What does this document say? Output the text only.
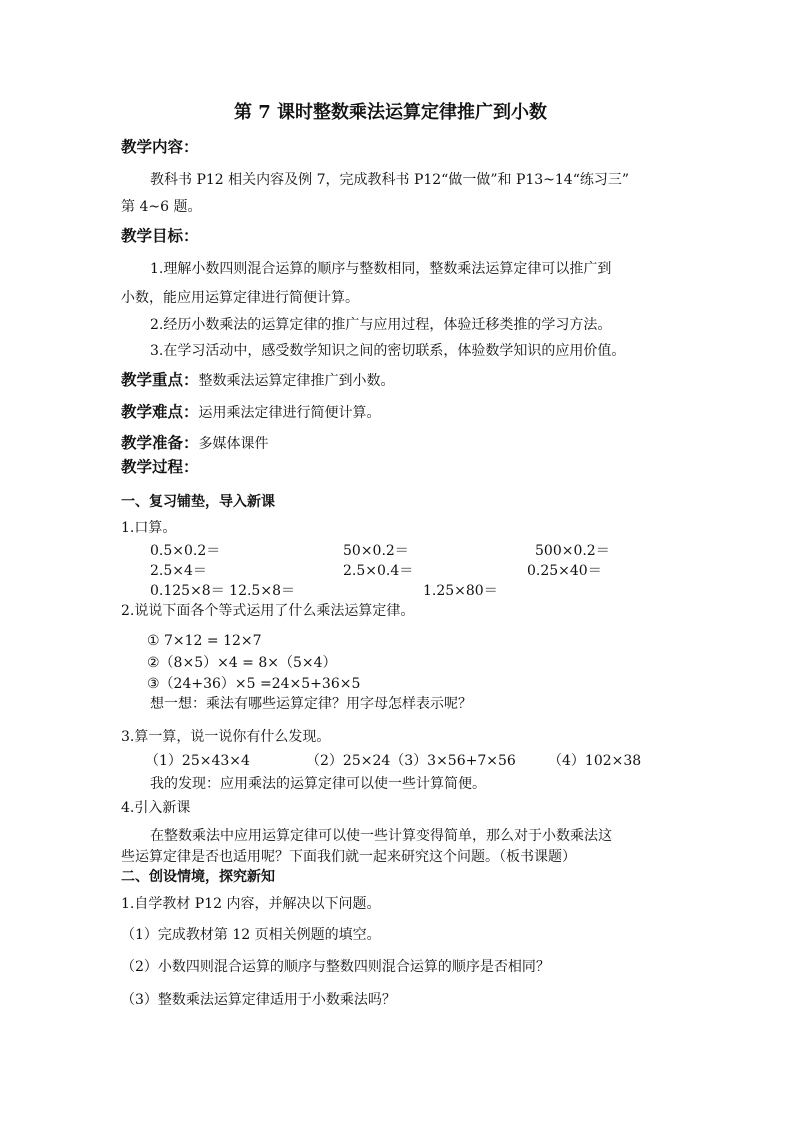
第 7 课时整数乘法运算定律推广到小数
教学内容：
教科书 P12 相关内容及例 7，完成教科书 P12“做一做”和 P13~14“练习三”
第 4~6 题。
教学目标：
1.理解小数四则混合运算的顺序与整数相同，整数乘法运算定律可以推广到
小数，能应用运算定律进行简便计算。
2.经历小数乘法的运算定律的推广与应用过程，体验迁移类推的学习方法。
3.在学习活动中，感受数学知识之间的密切联系，体验数学知识的应用价值。
教学重点：整数乘法运算定律推广到小数。
教学难点：运用乘法定律进行简便计算。
教学准备：多媒体课件
教学过程：
一、复习铺垫，导入新课
1.口算。
0.5×0.2＝	50×0.2＝	500×0.2＝
2.5×4＝	2.5×0.4＝	0.25×40＝
0.125×8＝ 12.5×8＝	1.25×80＝
2.说说下面各个等式运用了什么乘法运算定律。
① 7×12 = 12×7
②（8×5）×4 = 8×（5×4）
③（24+36）×5 =24×5+36×5
想一想：乘法有哪些运算定律？用字母怎样表示呢？
3.算一算，说一说你有什么发现。
（1）25×43×4	（2）25×24（3）3×56+7×56 （4）102×38
我的发现：应用乘法的运算定律可以使一些计算简便。
4.引入新课
在整数乘法中应用运算定律可以使一些计算变得简单，那么对于小数乘法这
些运算定律是否也适用呢？下面我们就一起来研究这个问题。（板书课题）
二、创设情境，探究新知
1.自学教材 P12 内容，并解决以下问题。
（1）完成教材第 12 页相关例题的填空。
（2）小数四则混合运算的顺序与整数四则混合运算的顺序是否相同？
（3）整数乘法运算定律适用于小数乘法吗？
